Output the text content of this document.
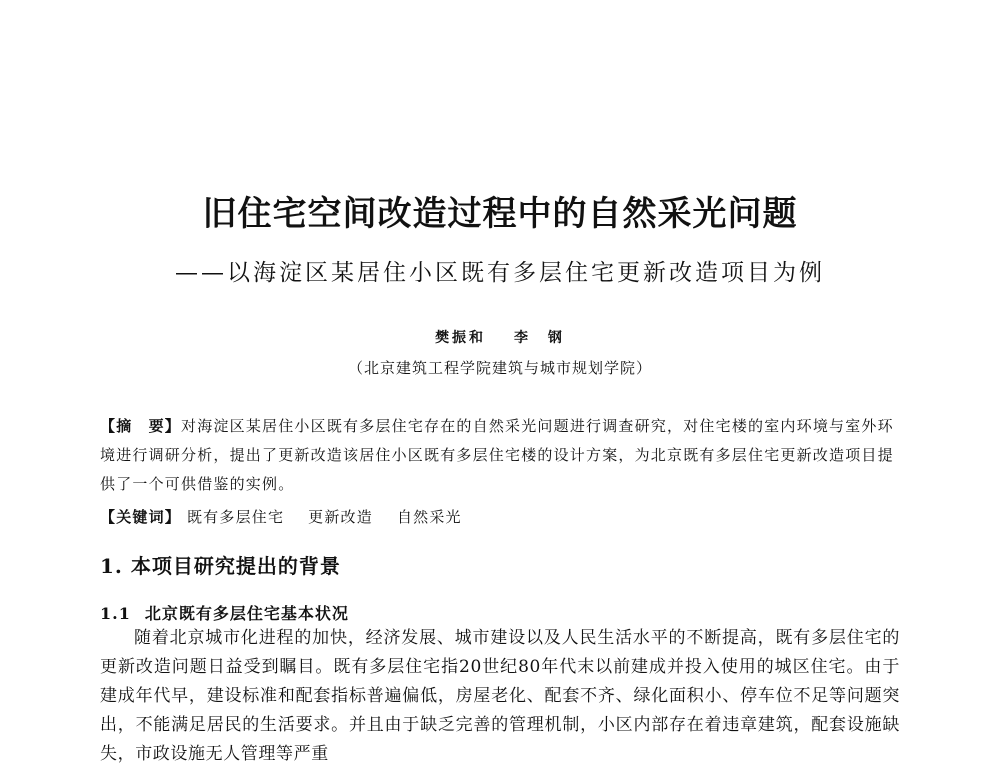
旧住宅空间改造过程中的自然采光问题
——以海淀区某居住小区既有多层住宅更新改造项目为例
樊振和 李　钢
（北京建筑工程学院建筑与城市规划学院）
【摘　要】对海淀区某居住小区既有多层住宅存在的自然采光问题进行调查研究，对住宅楼的室内环境与室外环境进行调研分析，提出了更新改造该居住小区既有多层住宅楼的设计方案，为北京既有多层住宅更新改造项目提供了一个可供借鉴的实例。
【关键词】 既有多层住宅 更新改造 自然采光
1. 本项目研究提出的背景
1.1 北京既有多层住宅基本状况
随着北京城市化进程的加快，经济发展、城市建设以及人民生活水平的不断提高，既有多层住宅的更新改造问题日益受到瞩目。既有多层住宅指20世纪80年代末以前建成并投入使用的城区住宅。由于建成年代早，建设标准和配套指标普遍偏低，房屋老化、配套不齐、绿化面积小、停车位不足等问题突出，不能满足居民的生活要求。并且由于缺乏完善的管理机制，小区内部存在着违章建筑，配套设施缺失，市政设施无人管理等严重
